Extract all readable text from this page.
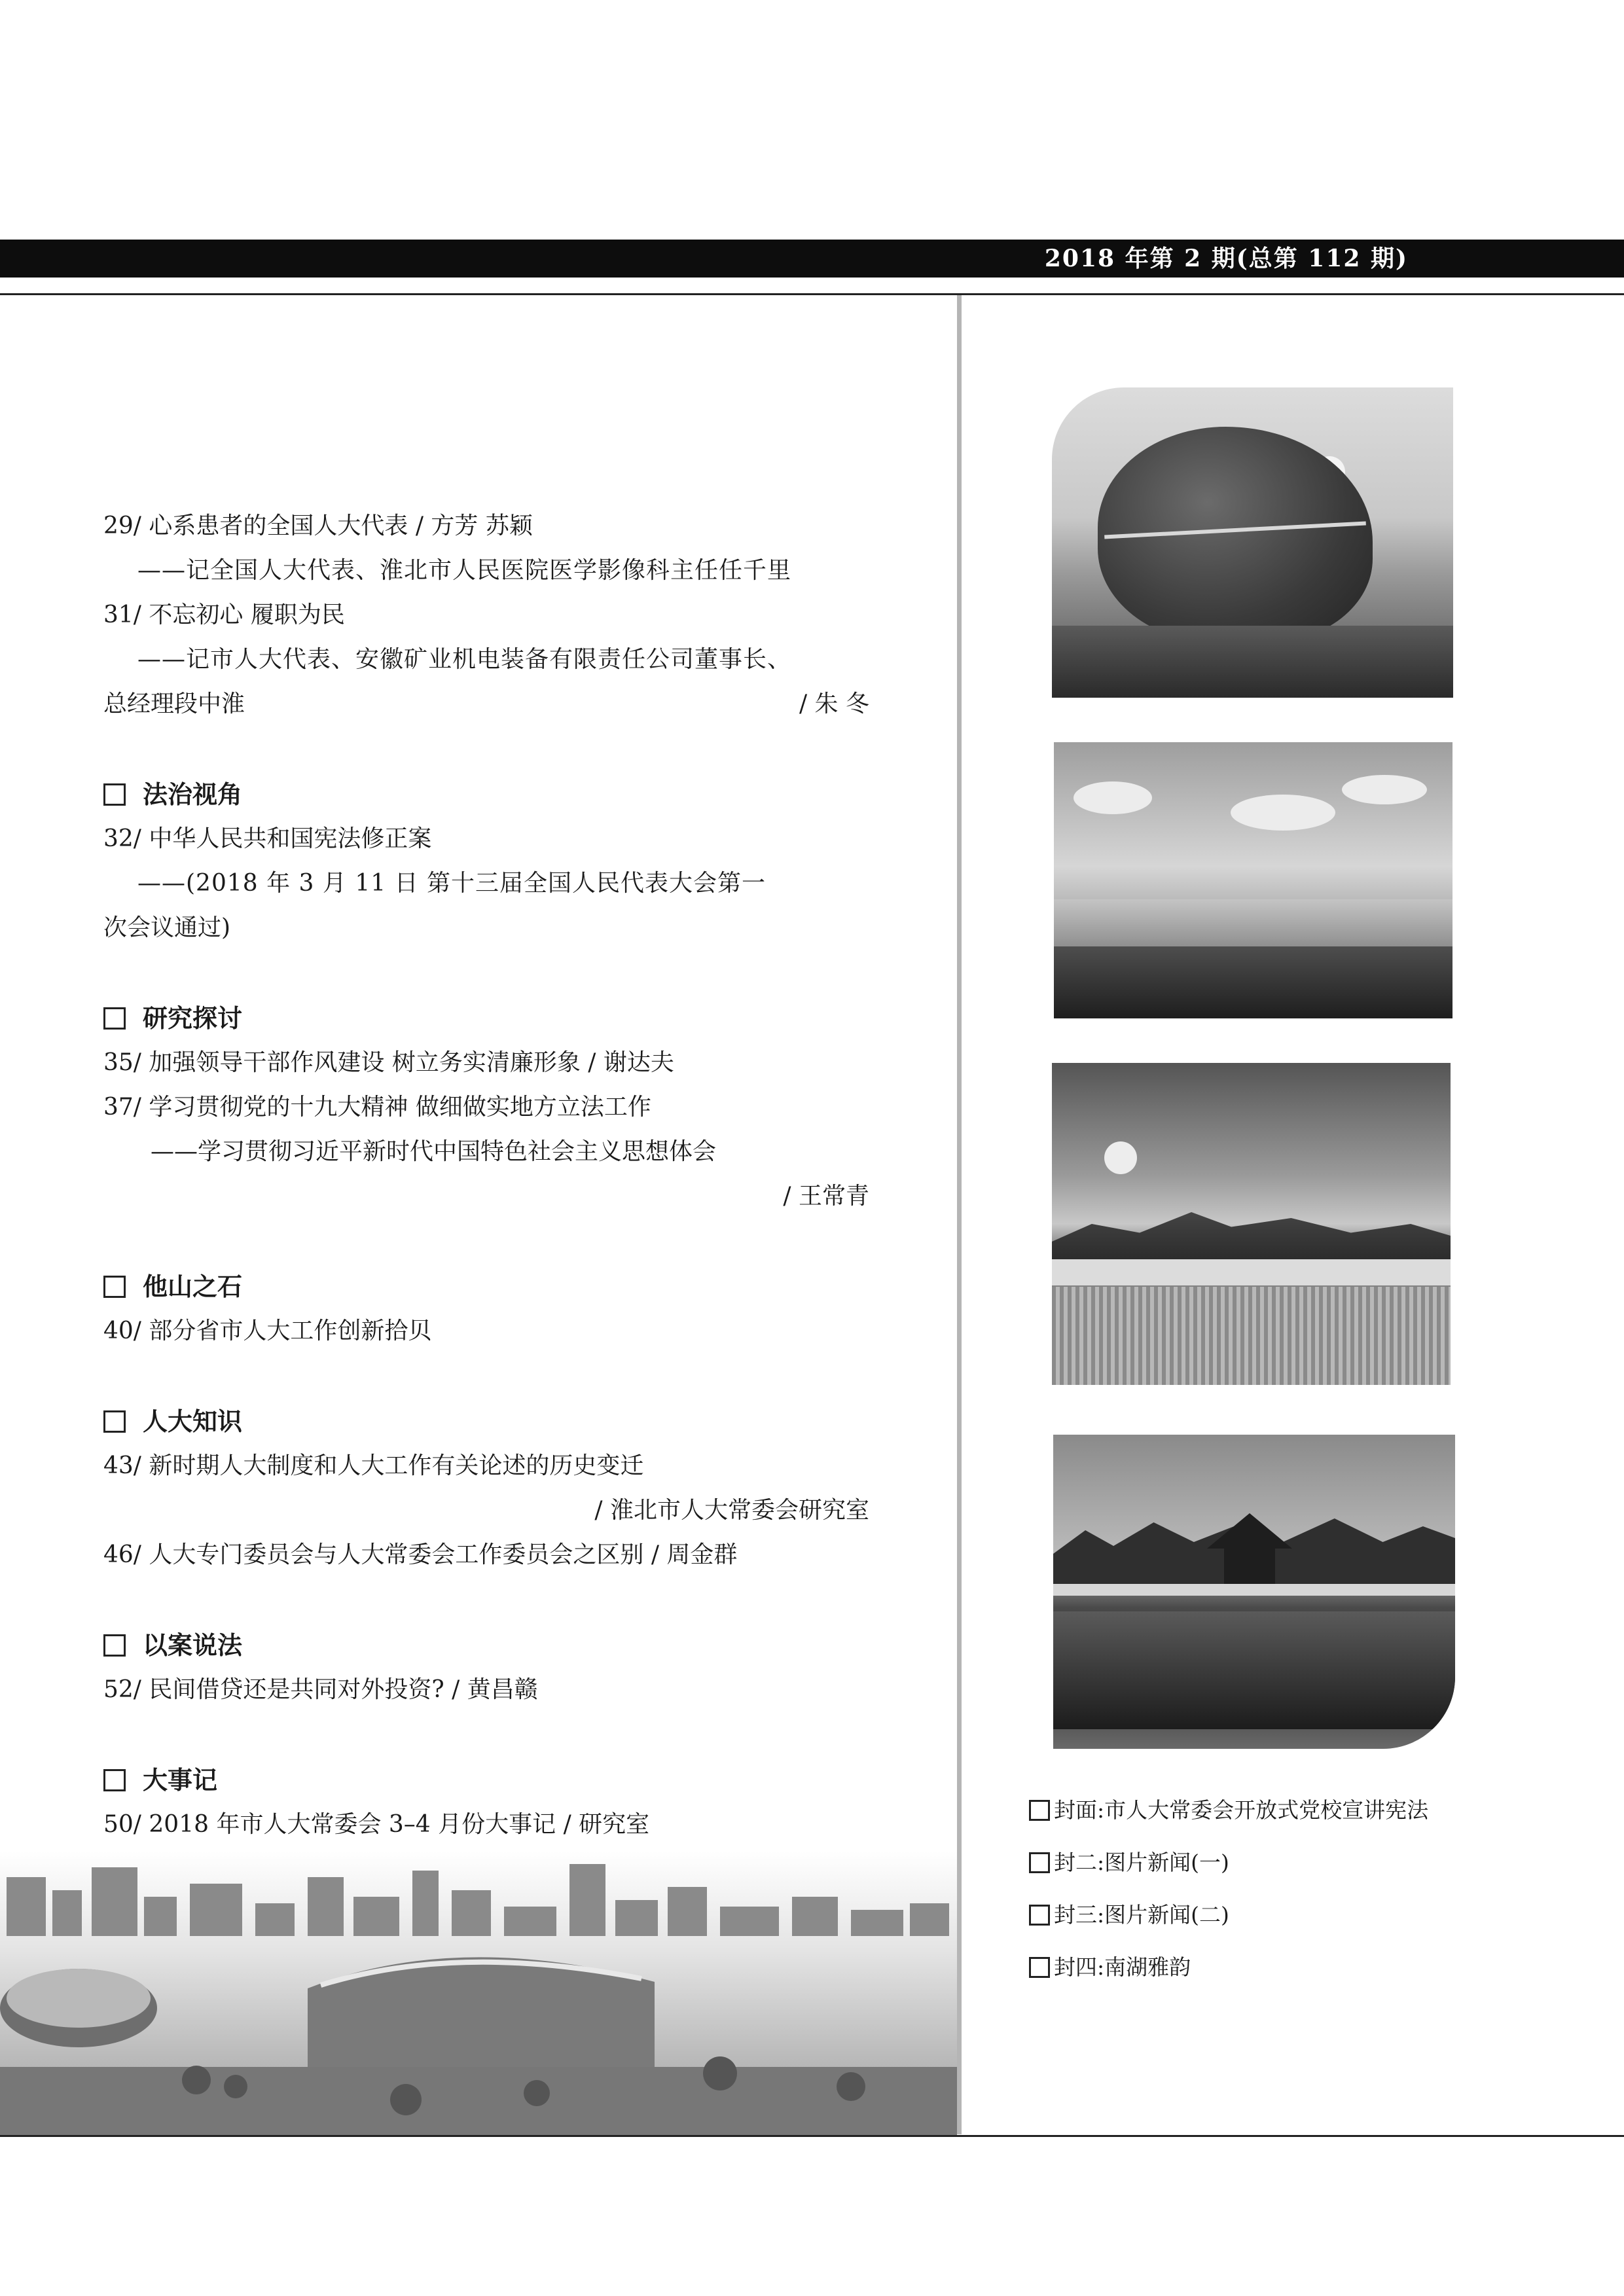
2018 年第 2 期(总第 112 期)
29/ 心系患者的全国人大代表 / 方芳 苏颖
——记全国人大代表、淮北市人民医院医学影像科主任任千里
31/ 不忘初心 履职为民
——记市人大代表、安徽矿业机电装备有限责任公司董事长、
总经理段中淮	/ 朱 冬
法治视角
32/ 中华人民共和国宪法修正案
——(2018 年 3 月 11 日 第十三届全国人民代表大会第一
次会议通过)
研究探讨
35/ 加强领导干部作风建设 树立务实清廉形象 / 谢达夫
37/ 学习贯彻党的十九大精神 做细做实地方立法工作
——学习贯彻习近平新时代中国特色社会主义思想体会
/ 王常青
他山之石
40/ 部分省市人大工作创新拾贝
人大知识
43/ 新时期人大制度和人大工作有关论述的历史变迁
/ 淮北市人大常委会研究室
46/ 人大专门委员会与人大常委会工作委员会之区别 / 周金群
以案说法
52/ 民间借贷还是共同对外投资? / 黄昌赣
大事记
50/ 2018 年市人大常委会 3–4 月份大事记 / 研究室
封面:市人大常委会开放式党校宣讲宪法
封二:图片新闻(一)
封三:图片新闻(二)
封四:南湖雅韵
